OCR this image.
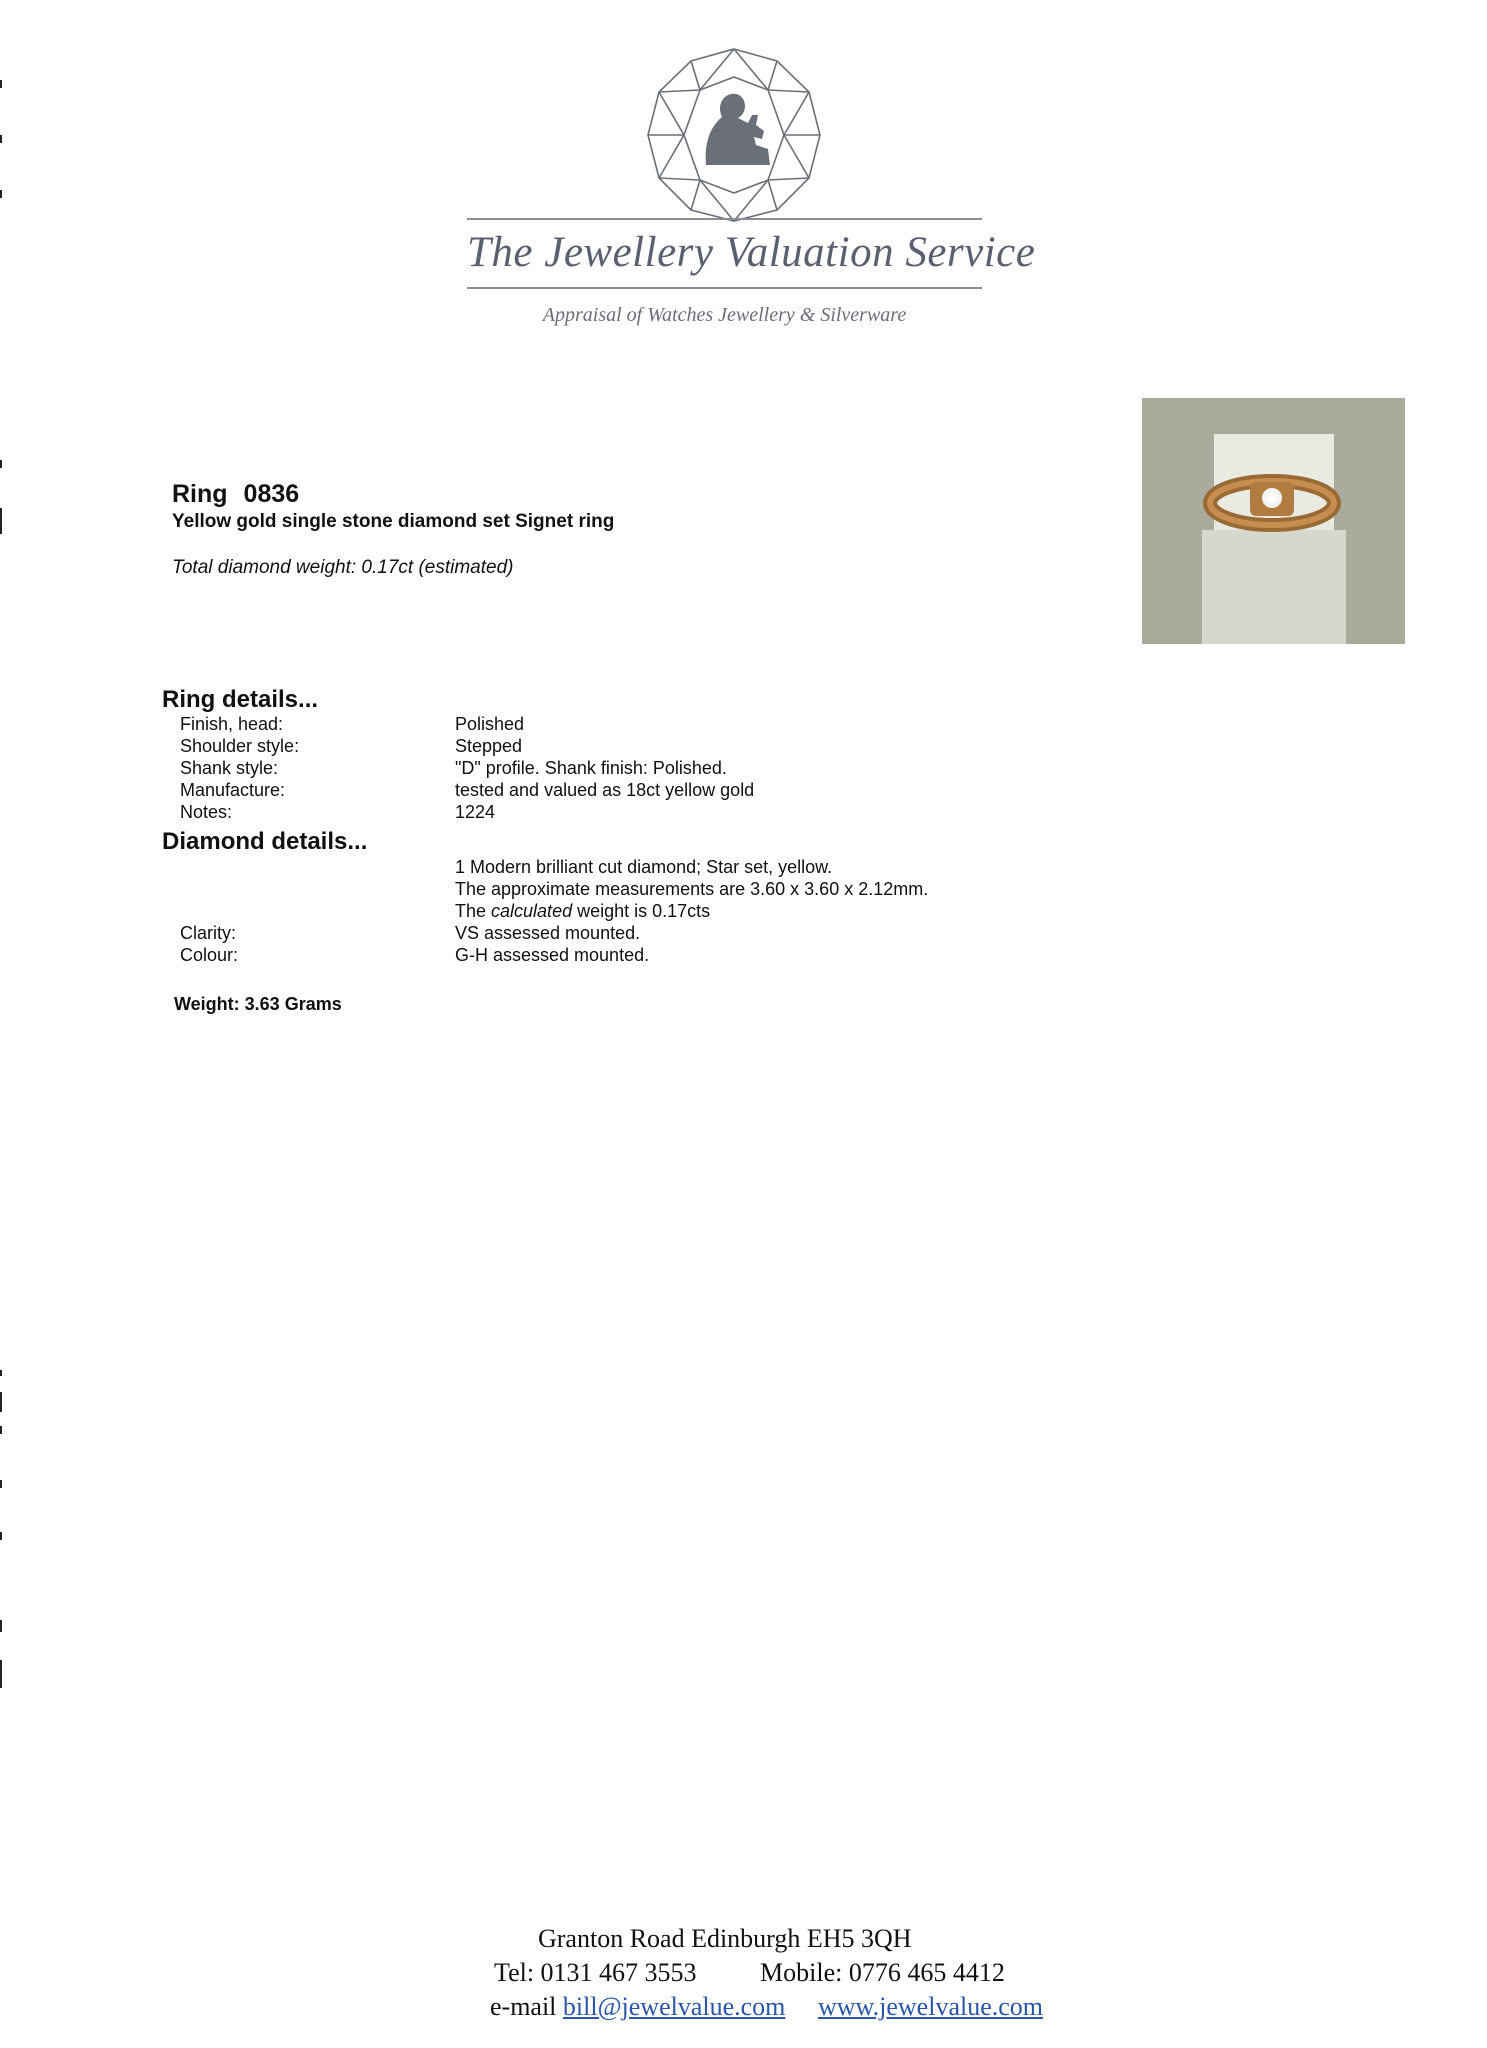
The Jewellery Valuation Service
Appraisal of Watches Jewellery & Silverware
Ring 0836
Yellow gold single stone diamond set Signet ring
Total diamond weight: 0.17ct (estimated)
Ring details...
Finish, head:	Polished
Shoulder style:	Stepped
Shank style:	"D" profile. Shank finish: Polished.
Manufacture:	tested and valued as 18ct yellow gold
Notes:	1224
Diamond details...
1 Modern brilliant cut diamond; Star set, yellow.
The approximate measurements are 3.60 x 3.60 x 2.12mm.
The calculated weight is 0.17cts
Clarity:	VS assessed mounted.
Colour:	G-H assessed mounted.
Weight: 3.63 Grams
Granton Road Edinburgh EH5 3QH
Tel: 0131 467 3553 Mobile: 0776 465 4412
e-mail bill@jewelvalue.com www.jewelvalue.com
